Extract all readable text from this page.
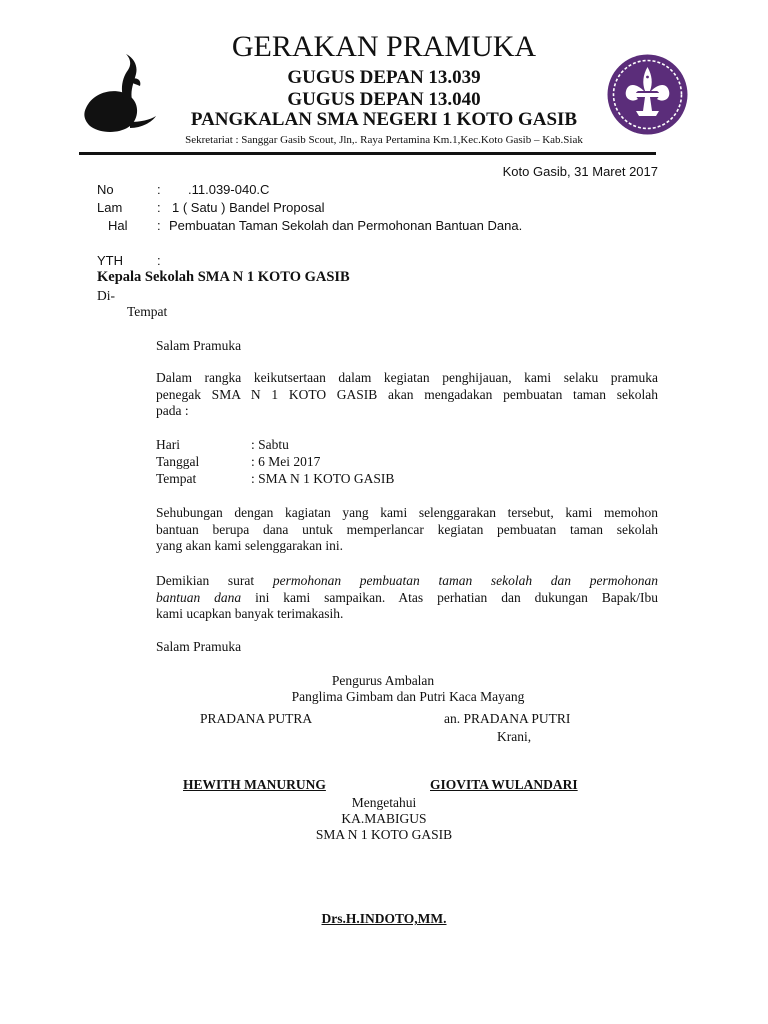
GERAKAN PRAMUKA
GUGUS DEPAN 13.039
GUGUS DEPAN 13.040
PANGKALAN SMA NEGERI 1 KOTO GASIB
Sekretariat : Sanggar Gasib Scout, Jln,. Raya Pertamina Km.1,Kec.Koto Gasib – Kab.Siak
Koto Gasib, 31 Maret 2017
No	: .11.039-040.C
Lam	: 1 ( Satu ) Bandel Proposal
Hal : Pembuatan Taman Sekolah dan Permohonan Bantuan Dana.
YTH	:
Kepala Sekolah SMA N 1 KOTO GASIB
Di-
Tempat
Salam Pramuka
Dalam rangka keikutsertaan dalam kegiatan penghijauan, kami selaku pramuka
penegak SMA N 1 KOTO GASIB akan mengadakan pembuatan taman sekolah
pada :
Hari	: Sabtu
Tanggal	: 6 Mei 2017
Tempat	: SMA N 1 KOTO GASIB
Sehubungan dengan kagiatan yang kami selenggarakan tersebut, kami memohon
bantuan berupa dana untuk memperlancar kegiatan pembuatan taman sekolah
yang akan kami selenggarakan ini.
Demikian surat permohonan pembuatan taman sekolah dan permohonan
bantuan dana ini kami sampaikan. Atas perhatian dan dukungan Bapak/Ibu
kami ucapkan banyak terimakasih.
Salam Pramuka
Pengurus Ambalan
Panglima Gimbam dan Putri Kaca Mayang
PRADANA PUTRA	an. PRADANA PUTRI
Krani,
HEWITH MANURUNG	GIOVITA WULANDARI
Mengetahui
KA.MABIGUS
SMA N 1 KOTO GASIB
Drs.H.INDOTO,MM.
